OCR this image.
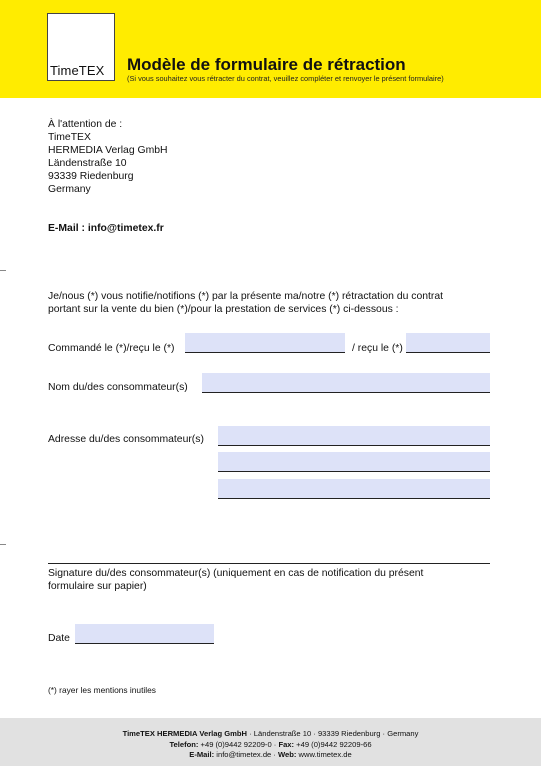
TimeTEX Modèle de formulaire de rétraction
(Si vous souhaitez vous rétracter du contrat, veuillez compléter et renvoyer le présent formulaire)
À l'attention de :
TimeTEX
HERMEDIA Verlag GmbH
Ländenstraße 10
93339 Riedenburg
Germany
E-Mail : info@timetex.fr
Je/nous (*) vous notifie/notifions (*) par la présente ma/notre (*) rétractation du contrat
portant sur la vente du bien (*)/pour la prestation de services (*) ci-dessous :
Commandé le (*)/reçu le (*)	/ reçu le (*)
Nom du/des consommateur(s)
Adresse du/des consommateur(s)
Signature du/des consommateur(s) (uniquement en cas de notification du présent
formulaire sur papier)
Date
(*) rayer les mentions inutiles
TimeTEX HERMEDIA Verlag GmbH · Ländenstraße 10 · 93339 Riedenburg · Germany
Telefon: +49 (0)9442 92209-0 · Fax: +49 (0)9442 92209-66
E-Mail: info@timetex.de · Web: www.timetex.de
